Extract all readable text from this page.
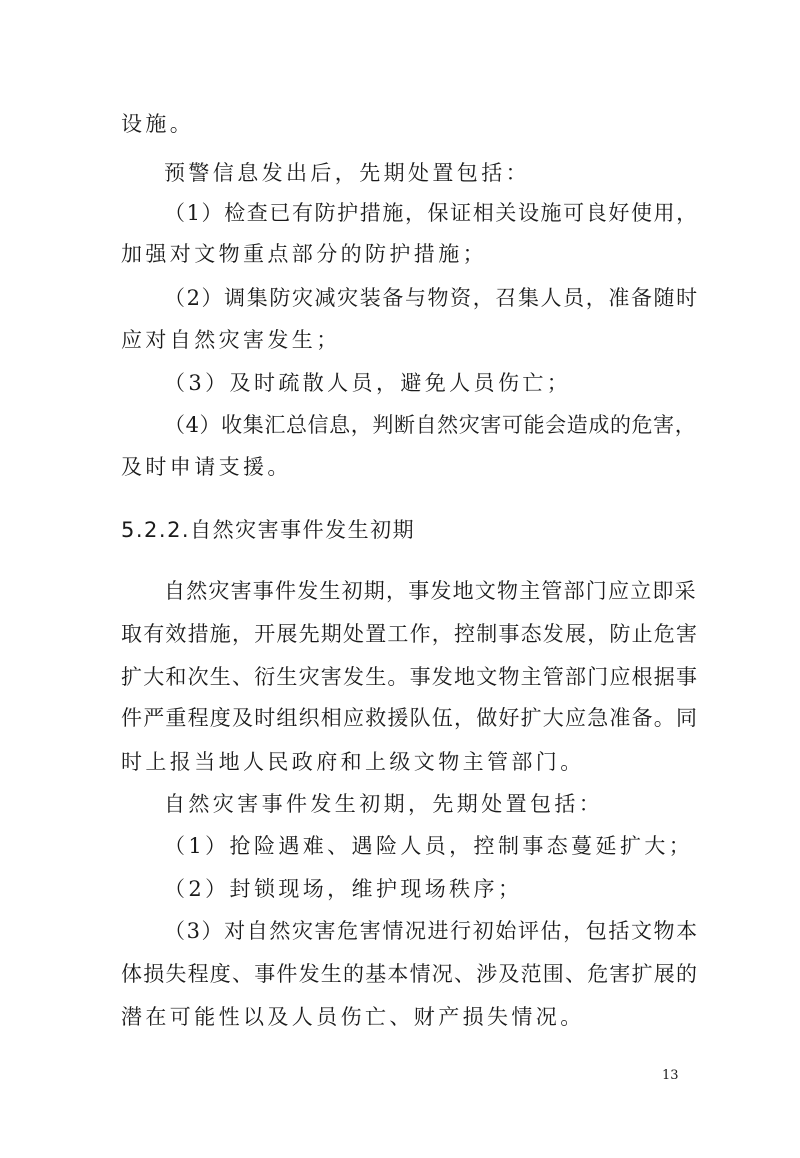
设施。

预警信息发出后，先期处置包括：

（1）检查已有防护措施，保证相关设施可良好使用，

加强对文物重点部分的防护措施；

（2）调集防灾减灾装备与物资，召集人员，准备随时

应对自然灾害发生；

（3）及时疏散人员，避免人员伤亡；

（4）收集汇总信息，判断自然灾害可能会造成的危害，

及时申请支援。

5.2.2.自然灾害事件发生初期

自然灾害事件发生初期，事发地文物主管部门应立即采

取有效措施，开展先期处置工作，控制事态发展，防止危害

扩大和次生、衍生灾害发生。事发地文物主管部门应根据事

件严重程度及时组织相应救援队伍，做好扩大应急准备。同

时上报当地人民政府和上级文物主管部门。

自然灾害事件发生初期，先期处置包括：

（1）抢险遇难、遇险人员，控制事态蔓延扩大；

（2）封锁现场，维护现场秩序；

（3）对自然灾害危害情况进行初始评估，包括文物本

体损失程度、事件发生的基本情况、涉及范围、危害扩展的

潜在可能性以及人员伤亡、财产损失情况。

13
